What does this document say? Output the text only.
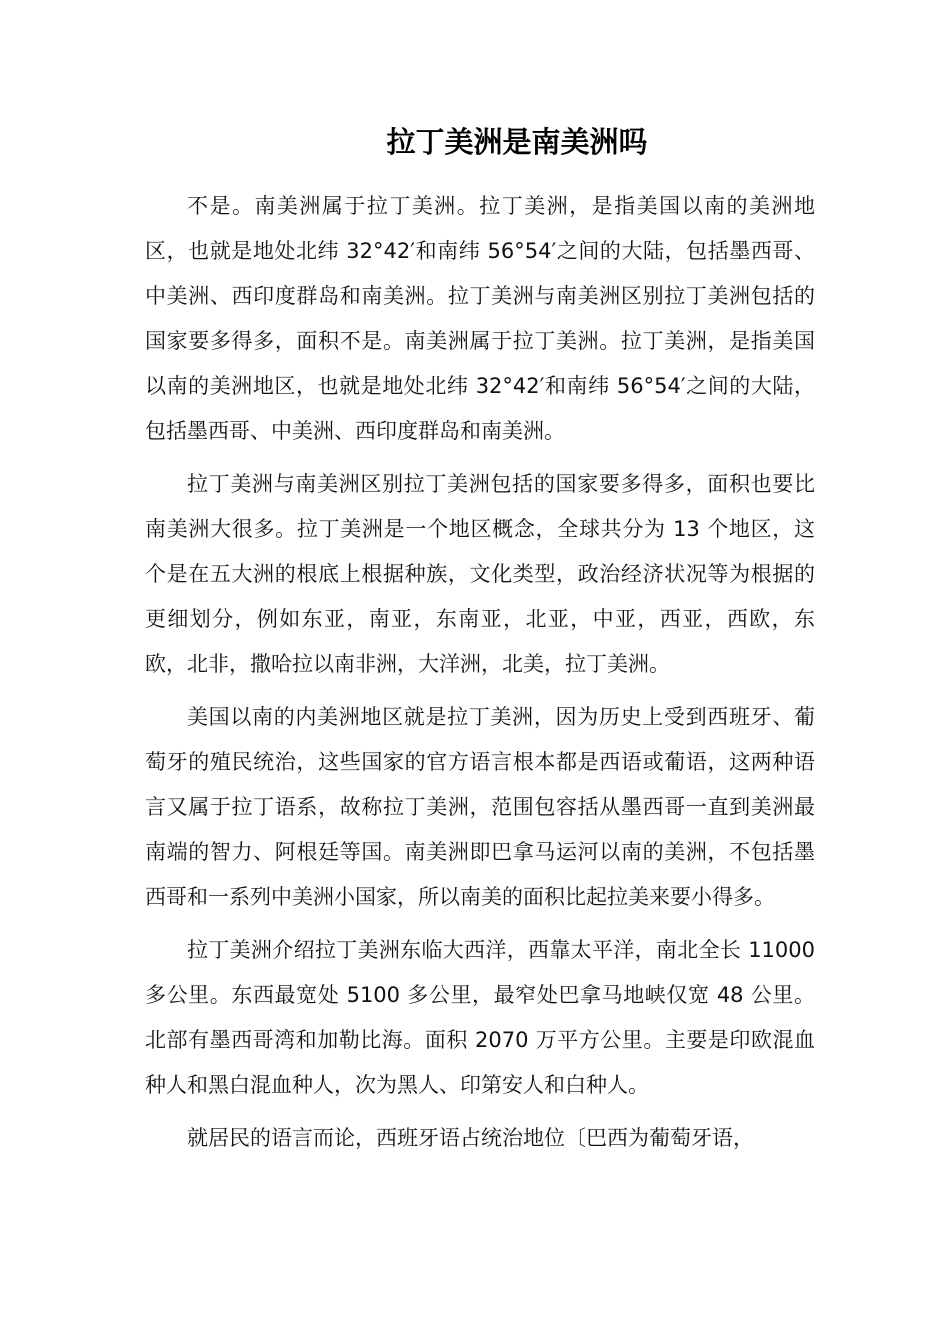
拉丁美洲是南美洲吗

不是。南美洲属于拉丁美洲。拉丁美洲，是指美国以南的美洲地区，也就是地处北纬 32°42′和南纬 56°54′之间的大陆，包括墨西哥、中美洲、西印度群岛和南美洲。拉丁美洲与南美洲区别拉丁美洲包括的国家要多得多，面积不是。南美洲属于拉丁美洲。拉丁美洲，是指美国以南的美洲地区，也就是地处北纬 32°42′和南纬 56°54′之间的大陆，包括墨西哥、中美洲、西印度群岛和南美洲。

拉丁美洲与南美洲区别拉丁美洲包括的国家要多得多，面积也要比南美洲大很多。拉丁美洲是一个地区概念，全球共分为 13 个地区，这个是在五大洲的根底上根据种族，文化类型，政治经济状况等为根据的更细划分，例如东亚，南亚，东南亚，北亚，中亚，西亚，西欧，东欧，北非，撒哈拉以南非洲，大洋洲，北美，拉丁美洲。

美国以南的内美洲地区就是拉丁美洲，因为历史上受到西班牙、葡萄牙的殖民统治，这些国家的官方语言根本都是西语或葡语，这两种语言又属于拉丁语系，故称拉丁美洲，范围包容括从墨西哥一直到美洲最南端的智力、阿根廷等国。南美洲即巴拿马运河以南的美洲，不包括墨西哥和一系列中美洲小国家，所以南美的面积比起拉美来要小得多。

拉丁美洲介绍拉丁美洲东临大西洋，西靠太平洋，南北全长 11000 多公里。东西最宽处 5100 多公里，最窄处巴拿马地峡仅宽 48 公里。北部有墨西哥湾和加勒比海。面积 2070 万平方公里。主要是印欧混血种人和黑白混血种人，次为黑人、印第安人和白种人。

就居民的语言而论，西班牙语占统治地位〔巴西为葡萄牙语，
